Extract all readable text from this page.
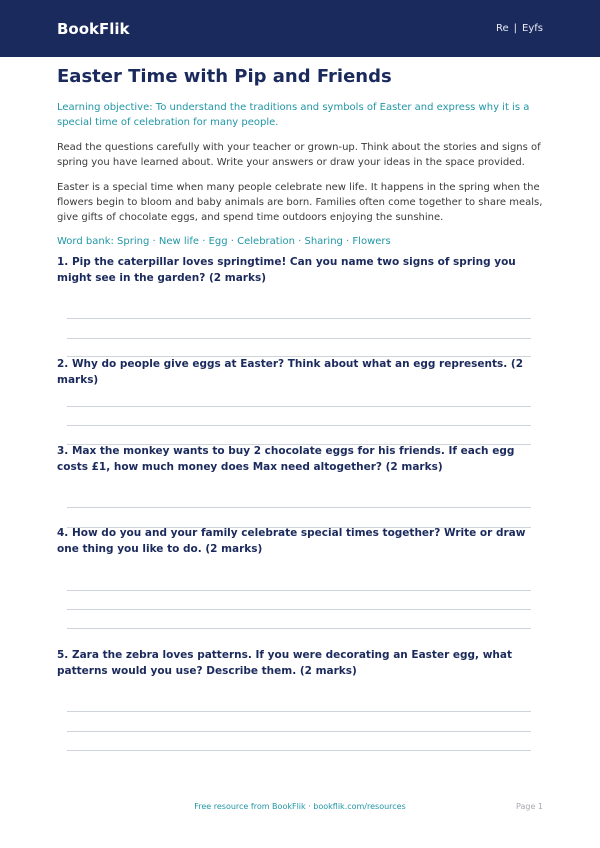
BookFlik	Re | Eyfs
Easter Time with Pip and Friends
Learning objective: To understand the traditions and symbols of Easter and express why it is a special time of celebration for many people.
Read the questions carefully with your teacher or grown-up. Think about the stories and signs of spring you have learned about. Write your answers or draw your ideas in the space provided.
Easter is a special time when many people celebrate new life. It happens in the spring when the flowers begin to bloom and baby animals are born. Families often come together to share meals, give gifts of chocolate eggs, and spend time outdoors enjoying the sunshine.
Word bank: Spring · New life · Egg · Celebration · Sharing · Flowers
1. Pip the caterpillar loves springtime! Can you name two signs of spring you might see in the garden? (2 marks)
2. Why do people give eggs at Easter? Think about what an egg represents. (2 marks)
3. Max the monkey wants to buy 2 chocolate eggs for his friends. If each egg costs £1, how much money does Max need altogether? (2 marks)
4. How do you and your family celebrate special times together? Write or draw one thing you like to do. (2 marks)
5. Zara the zebra loves patterns. If you were decorating an Easter egg, what patterns would you use? Describe them. (2 marks)
Free resource from BookFlik · bookflik.com/resources	Page 1
